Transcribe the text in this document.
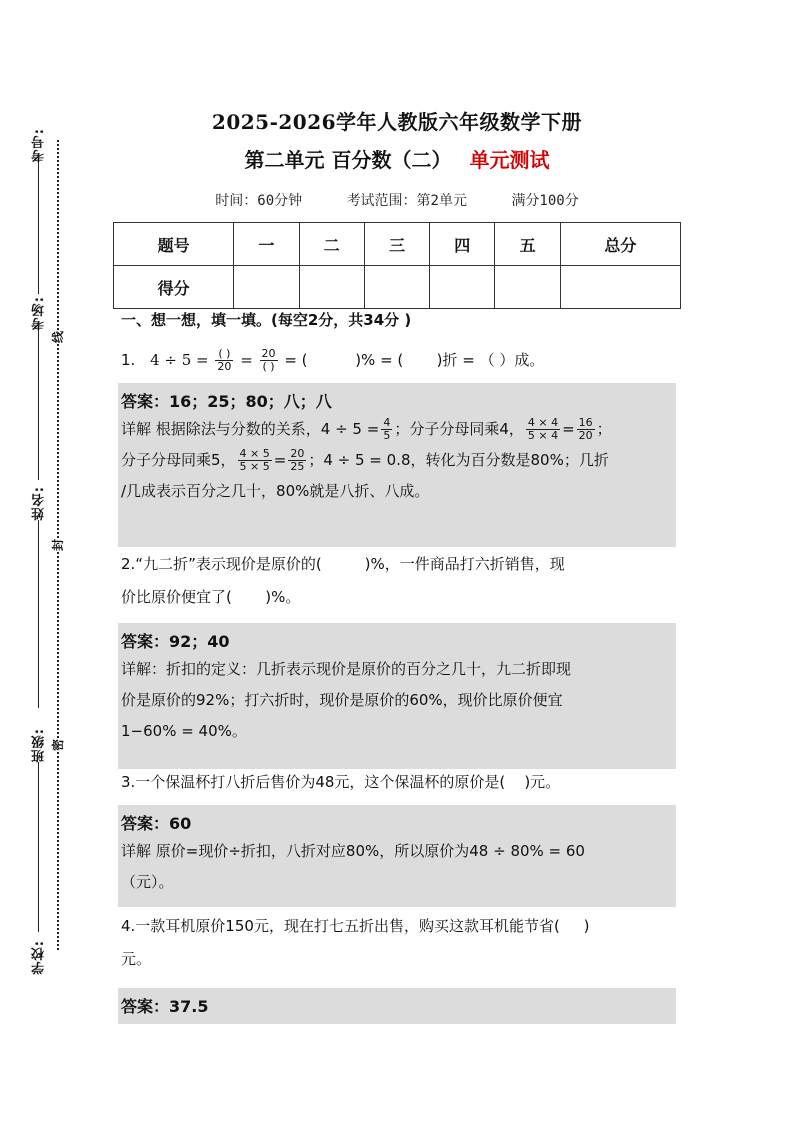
考号:
考场:
姓名:
班级:
学校:
线
封
密
2025-2026学年人教版六年级数学下册
第二单元 百分数（二） 单元测试
时间：60分钟	考试范围：第2单元	满分100分
题号	一	二	三	四	五	总分
得分						
一、想一想，填一填。(每空2分，共34分 )
1. $4 \div 5 = \frac{( )}{20} = \frac{20}{( )}$ = (          )% = (       )折 = （ ）成。
答案：16；25；80；八；八
详解 根据除法与分数的关系，$4 \div 5 = \frac{4}{5}$ ；分子分母同乘4， $\frac{4 \times 4}{5 \times 4} = \frac{16}{20}$ ；
分子分母同乘5， $\frac{4 \times 5}{5 \times 5} = \frac{20}{25}$ ；4 ÷ 5 = 0.8，转化为百分数是80%；几折
/几成表示百分之几十，80%就是八折、八成。
2.“九二折”表示现价是原价的(         )%，一件商品打六折销售，现
价比原价便宜了(       )%。
答案：92；40
详解：折扣的定义：几折表示现价是原价的百分之几十，九二折即现
价是原价的92%；打六折时，现价是原价的60%，现价比原价便宜
1−60% = 40%。
3.一个保温杯打八折后售价为48元，这个保温杯的原价是(    )元。
答案：60
详解 原价=现价÷折扣，八折对应80%，所以原价为48 ÷ 80% = 60
（元）。
4.一款耳机原价150元，现在打七五折出售，购买这款耳机能节省(     )
元。
答案：37.5
